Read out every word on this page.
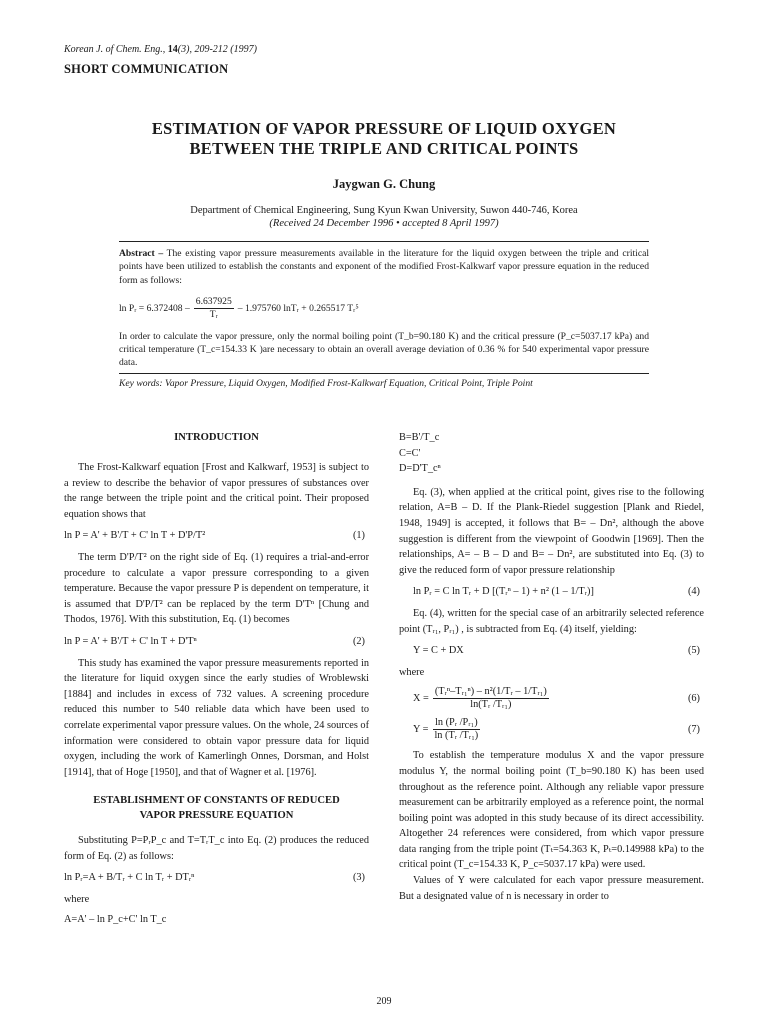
Korean J. of Chem. Eng., 14(3), 209-212 (1997)
SHORT COMMUNICATION
ESTIMATION OF VAPOR PRESSURE OF LIQUID OXYGEN
BETWEEN THE TRIPLE AND CRITICAL POINTS
Jaygwan G. Chung
Department of Chemical Engineering, Sung Kyun Kwan University, Suwon 440-746, Korea
(Received 24 December 1996 • accepted 8 April 1997)

Abstract – The existing vapor pressure measurements available in the literature for the liquid oxygen between the triple and critical points have been utilized to establish the constants and exponent of the modified Frost-Kalkwarf vapor pressure equation in the reduced form as follows:

ln Pᵣ = $6.372408 - \frac{6.637925}{\text{Tᵣ}} - 1.975760$ lnTᵣ + 0.265517 Tᵣ⁵

In order to calculate the vapor pressure, only the normal boiling point (T_b=90.180 K) and the critical pressure (P_c=5037.17 kPa) and critical temperature (T_c=154.33 K )are necessary to obtain an overall average deviation of 0.36 % for 540 experimental vapor pressure data.

Key words: Vapor Pressure, Liquid Oxygen, Modified Frost-Kalkwarf Equation, Critical Point, Triple Point

INTRODUCTION

The Frost-Kalkwarf equation [Frost and Kalkwarf, 1953] is subject to a review to describe the behavior of vapor pressures of substances over the range between the triple point and the critical point. Their proposed equation shows that

ln P = A' + B'/T + C' ln T + D'P/T²	(1)

The term D'P/T² on the right side of Eq. (1) requires a trial-and-error procedure to calculate a vapor pressure corresponding to a given temperature. Because the vapor pressure P is dependent on temperature, it is assumed that D'P/T² can be replaced by the term D'Tⁿ [Chung and Thodos, 1976]. With this substitution, Eq. (1) becomes

ln P = A' + B'/T + C' ln T + D'Tⁿ	(2)

This study has examined the vapor pressure measurements reported in the literature for liquid oxygen since the early studies of Wroblewski [1884] and includes in excess of 732 values. A screening procedure reduced this number to 540 reliable data which have been used to correlate experimental vapor pressure values. On the whole, 24 sources of information were considered to obtain vapor pressure data for liquid oxygen, including the work of Kamerlingh Onnes, Dorsman, and Holst [1914], that of Hoge [1950], and that of Wagner et al. [1976].

ESTABLISHMENT OF CONSTANTS OF REDUCED
VAPOR PRESSURE EQUATION

Substituting P=PᵣP_c and T=TᵣT_c into Eq. (2) produces the reduced form of Eq. (2) as follows:

ln Pᵣ=A + B/Tᵣ + C ln Tᵣ + DTᵣⁿ	(3)

where

A=A' – ln P_c+C' ln T_c

B=B'/T_c

C=C'

D=D'T_cⁿ

Eq. (3), when applied at the critical point, gives rise to the following relation, A=B – D. If the Plank-Riedel suggestion [Plank and Riedel, 1948, 1949] is accepted, it follows that B= – Dn², although the above suggestion is different from the viewpoint of Goodwin [1969]. Then the relationships, A= – B – D and B= – Dn², are substituted into Eq. (3) to give the reduced form of vapor pressure relationship

ln Pᵣ = C ln Tᵣ + D [(Tᵣⁿ – 1) + n² (1 – 1/Tᵣ)]	(4)

Eq. (4), written for the special case of an arbitrarily selected reference point (Tᵣ₁, Pᵣ₁) , is subtracted from Eq. (4) itself, yielding:

Y = C + DX	(5)

where

$X = \frac{\text{(Tᵣⁿ–Tᵣ₁ⁿ) – n²(1/Tᵣ – 1/Tᵣ₁)}}{\text{ln(Tᵣ /Tᵣ₁)}}$	(6)
$Y = \frac{\text{ln (Pᵣ /Pᵣ₁)}}{\text{ln (Tᵣ /Tᵣ₁)}}$	(7)

To establish the temperature modulus X and the vapor pressure modulus Y, the normal boiling point (T_b=90.180 K) has been used throughout as the reference point. Although any reliable vapor pressure measurement can be arbitrarily employed as a reference point, the normal boiling point was adopted in this study because of its direct accessibility. Altogether 24 references were considered, from which vapor pressure data ranging from the triple point (Tₜ=54.363 K, Pₜ=0.149988 kPa) to the critical point (T_c=154.33 K, P_c=5037.17 kPa) were used.

Values of Y were calculated for each vapor pressure measurement. But a designated value of n is necessary in order to

209
